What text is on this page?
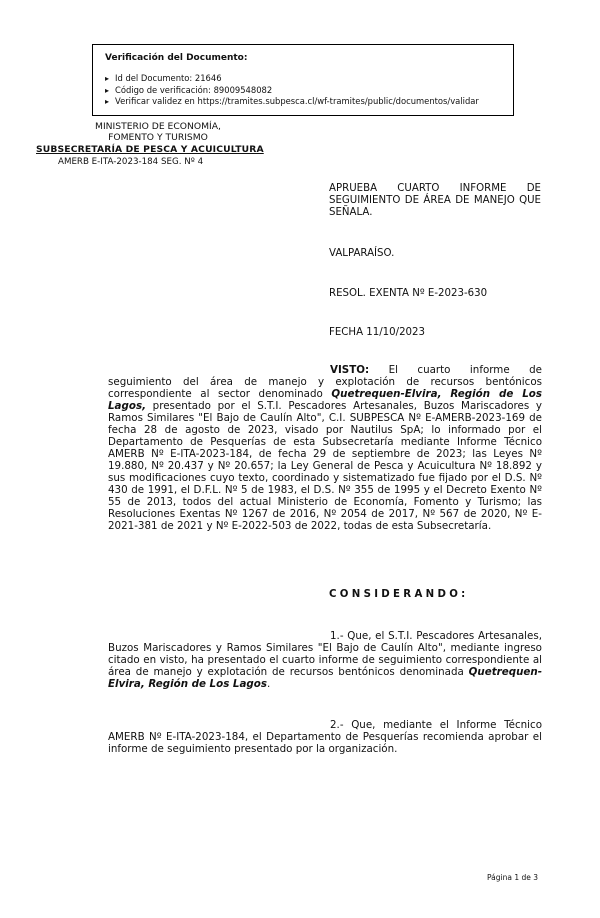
Verificación del Documento:
▸ Id del Documento: 21646
▸ Código de verificación: 89009548082
▸ Verificar validez en https://tramites.subpesca.cl/wf-tramites/public/documentos/validar
MINISTERIO DE ECONOMÍA,
FOMENTO Y TURISMO
SUBSECRETARÍA DE PESCA Y ACUICULTURA
AMERB E-ITA-2023-184 SEG. Nº 4
APRUEBA CUARTO INFORME DE SEGUIMIENTO DE ÁREA DE MANEJO QUE SEÑALA.
VALPARAÍSO.
RESOL. EXENTA Nº E-2023-630
FECHA 11/10/2023
VISTO: El cuarto informe de seguimiento del área de manejo y explotación de recursos bentónicos correspondiente al sector denominado Quetrequen-Elvira, Región de Los Lagos, presentado por el S.T.I. Pescadores Artesanales, Buzos Mariscadores y Ramos Similares "El Bajo de Caulín Alto", C.I. SUBPESCA Nº E-AMERB-2023-169 de fecha 28 de agosto de 2023, visado por Nautilus SpA; lo informado por el Departamento de Pesquerías de esta Subsecretaría mediante Informe Técnico AMERB Nº E-ITA-2023-184, de fecha 29 de septiembre de 2023; las Leyes Nº 19.880, Nº 20.437 y Nº 20.657; la Ley General de Pesca y Acuicultura Nº 18.892 y sus modificaciones cuyo texto, coordinado y sistematizado fue fijado por el D.S. Nº 430 de 1991, el D.F.L. Nº 5 de 1983, el D.S. Nº 355 de 1995 y el Decreto Exento Nº 55 de 2013, todos del actual Ministerio de Economía, Fomento y Turismo; las Resoluciones Exentas Nº 1267 de 2016, Nº 2054 de 2017, Nº 567 de 2020, Nº E-2021-381 de 2021 y Nº E-2022-503 de 2022, todas de esta Subsecretaría.
CONSIDERANDO:
1.- Que, el S.T.I. Pescadores Artesanales, Buzos Mariscadores y Ramos Similares "El Bajo de Caulín Alto", mediante ingreso citado en visto, ha presentado el cuarto informe de seguimiento correspondiente al área de manejo y explotación de recursos bentónicos denominada Quetrequen-Elvira, Región de Los Lagos.
2.- Que, mediante el Informe Técnico AMERB Nº E-ITA-2023-184, el Departamento de Pesquerías recomienda aprobar el informe de seguimiento presentado por la organización.
Página 1 de 3
